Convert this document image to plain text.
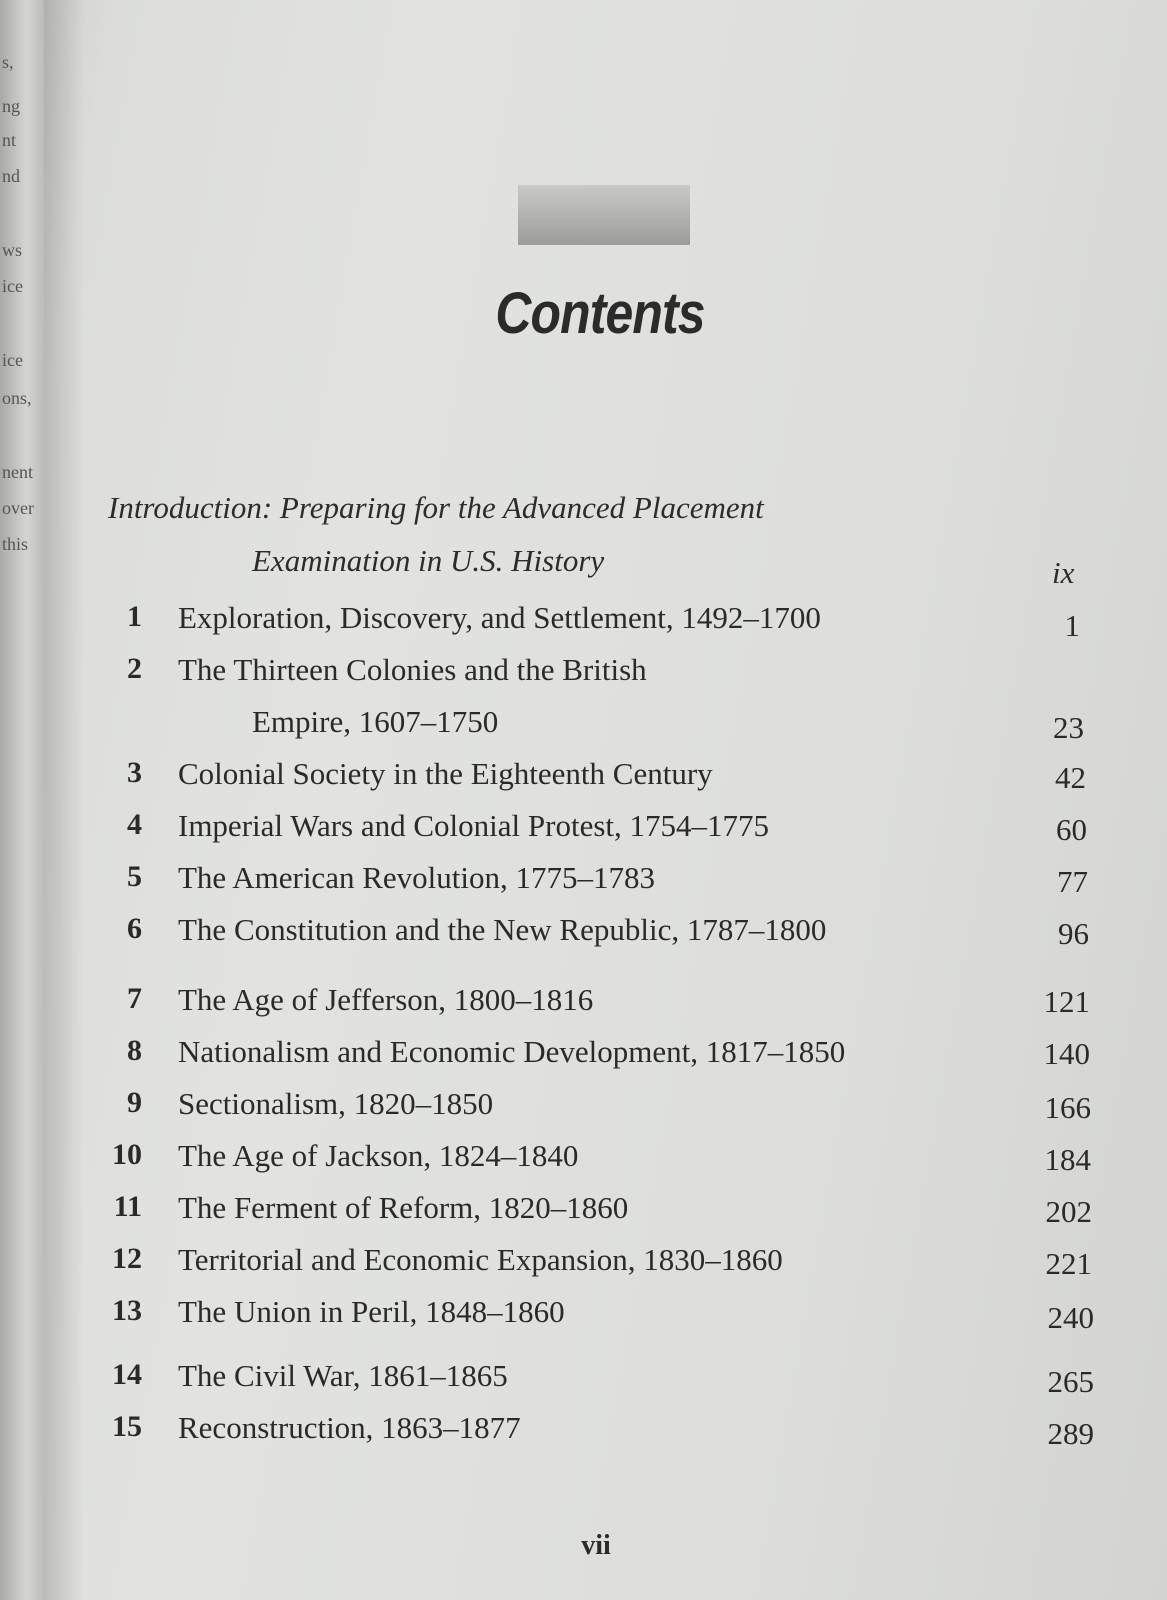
s,
ng
nt
nd
ws
ice
ice
ons,
nent
over
this
Contents
Introduction: Preparing for the Advanced Placement
Examination in U.S. History	ix
1 Exploration, Discovery, and Settlement, 1492–1700	1
2 The Thirteen Colonies and the British
Empire, 1607–1750	23
3 Colonial Society in the Eighteenth Century	42
4 Imperial Wars and Colonial Protest, 1754–1775	60
5 The American Revolution, 1775–1783	77
6 The Constitution and the New Republic, 1787–1800	96
7 The Age of Jefferson, 1800–1816	121
8 Nationalism and Economic Development, 1817–1850	140
9 Sectionalism, 1820–1850	166
10 The Age of Jackson, 1824–1840	184
11 The Ferment of Reform, 1820–1860	202
12 Territorial and Economic Expansion, 1830–1860	221
13 The Union in Peril, 1848–1860	240
14 The Civil War, 1861–1865	265
15 Reconstruction, 1863–1877	289
vii
